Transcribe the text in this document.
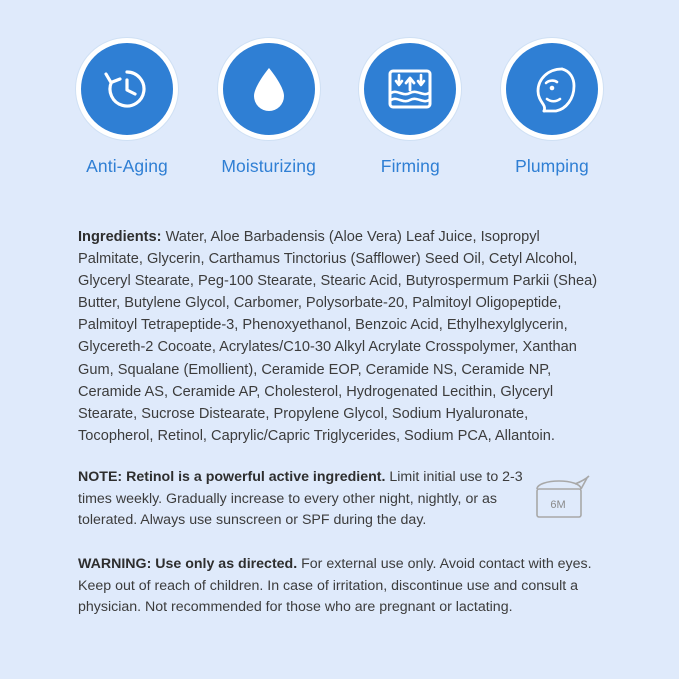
Anti-Aging	Moisturizing	Firming	Plumping

Ingredients: Water, Aloe Barbadensis (Aloe Vera) Leaf Juice, Isopropyl Palmitate, Glycerin, Carthamus Tinctorius (Safflower) Seed Oil, Cetyl Alcohol, Glyceryl Stearate, Peg-100 Stearate, Stearic Acid, Butyrospermum Parkii (Shea) Butter, Butylene Glycol, Carbomer, Polysorbate-20, Palmitoyl Oligopeptide, Palmitoyl Tetrapeptide-3, Phenoxyethanol, Benzoic Acid, Ethylhexylglycerin, Glycereth-2 Cocoate, Acrylates/C10-30 Alkyl Acrylate Crosspolymer, Xanthan Gum, Squalane (Emollient), Ceramide EOP, Ceramide NS, Ceramide NP, Ceramide AS, Ceramide AP, Cholesterol, Hydrogenated Lecithin, Glyceryl Stearate, Sucrose Distearate, Propylene Glycol, Sodium Hyaluronate, Tocopherol, Retinol, Caprylic/Capric Triglycerides, Sodium PCA, Allantoin.

NOTE: Retinol is a powerful active ingredient. Limit initial use to 2-3 times weekly. Gradually increase to every other night, nightly, or as tolerated. Always use sunscreen or SPF during the day.

6M

WARNING: Use only as directed. For external use only. Avoid contact with eyes. Keep out of reach of children. In case of irritation, discontinue use and consult a physician. Not recommended for those who are pregnant or lactating.
